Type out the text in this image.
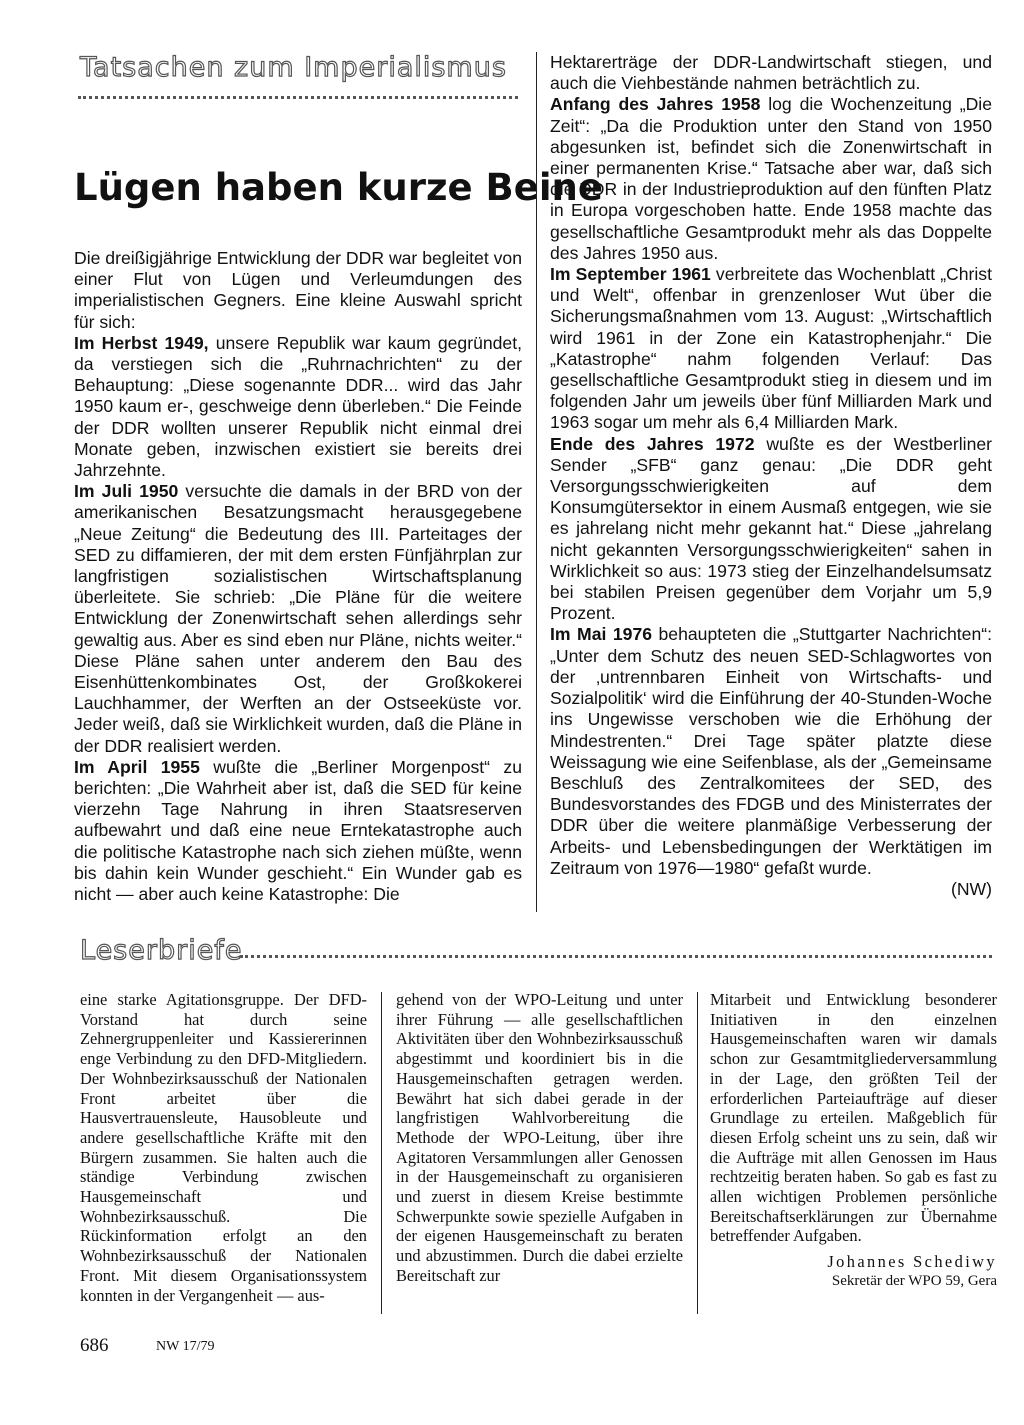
Tatsachen zum Imperialismus
Lügen haben kurze Beine

Die dreißigjährige Entwicklung der DDR war begleitet von einer Flut von Lügen und Verleumdungen des imperialistischen Gegners. Eine kleine Auswahl spricht für sich:

Im Herbst 1949, unsere Republik war kaum gegründet, da verstiegen sich die „Ruhrnachrichten“ zu der Behauptung: „Diese sogenannte DDR... wird das Jahr 1950 kaum er-, geschweige denn überleben.“ Die Feinde der DDR wollten unserer Republik nicht einmal drei Monate geben, inzwischen existiert sie bereits drei Jahrzehnte.

Im Juli 1950 versuchte die damals in der BRD von der amerikanischen Besatzungsmacht herausgegebene „Neue Zeitung“ die Bedeutung des III. Parteitages der SED zu diffamieren, der mit dem ersten Fünfjährplan zur langfristigen sozialistischen Wirtschaftsplanung überleitete. Sie schrieb: „Die Pläne für die weitere Entwicklung der Zonenwirtschaft sehen allerdings sehr gewaltig aus. Aber es sind eben nur Pläne, nichts weiter.“ Diese Pläne sahen unter anderem den Bau des Eisenhüttenkombinates Ost, der Großkokerei Lauchhammer, der Werften an der Ostseeküste vor. Jeder weiß, daß sie Wirklichkeit wurden, daß die Pläne in der DDR realisiert werden.

Im April 1955 wußte die „Berliner Morgenpost“ zu berichten: „Die Wahrheit aber ist, daß die SED für keine vierzehn Tage Nahrung in ihren Staatsreserven aufbewahrt und daß eine neue Erntekatastrophe auch die politische Katastrophe nach sich ziehen müßte, wenn bis dahin kein Wunder geschieht.“ Ein Wunder gab es nicht — aber auch keine Katastrophe: Die

Hektarerträge der DDR-Landwirtschaft stiegen, und auch die Viehbestände nahmen beträchtlich zu.

Anfang des Jahres 1958 log die Wochenzeitung „Die Zeit“: „Da die Produktion unter den Stand von 1950 abgesunken ist, befindet sich die Zonenwirtschaft in einer permanenten Krise.“ Tatsache aber war, daß sich die DDR in der Industrieproduktion auf den fünften Platz in Europa vorgeschoben hatte. Ende 1958 machte das gesellschaftliche Gesamtprodukt mehr als das Doppelte des Jahres 1950 aus.

Im September 1961 verbreitete das Wochenblatt „Christ und Welt“, offenbar in grenzenloser Wut über die Sicherungsmaßnahmen vom 13. August: „Wirtschaftlich wird 1961 in der Zone ein Katastrophenjahr.“ Die „Katastrophe“ nahm folgenden Verlauf: Das gesellschaftliche Gesamtprodukt stieg in diesem und im folgenden Jahr um jeweils über fünf Milliarden Mark und 1963 sogar um mehr als 6,4 Milliarden Mark.

Ende des Jahres 1972 wußte es der Westberliner Sender „SFB“ ganz genau: „Die DDR geht Versorgungsschwierigkeiten auf dem Konsumgütersektor in einem Ausmaß entgegen, wie sie es jahrelang nicht mehr gekannt hat.“ Diese „jahrelang nicht gekannten Versorgungsschwierigkeiten“ sahen in Wirklichkeit so aus: 1973 stieg der Einzelhandelsumsatz bei stabilen Preisen gegenüber dem Vorjahr um 5,9 Prozent.

Im Mai 1976 behaupteten die „Stuttgarter Nachrichten“: „Unter dem Schutz des neuen SED-Schlagwortes von der ‚untrennbaren Einheit von Wirtschafts- und Sozialpolitik‘ wird die Einführung der 40-Stunden-Woche ins Ungewisse verschoben wie die Erhöhung der Mindestrenten.“ Drei Tage später platzte diese Weissagung wie eine Seifenblase, als der „Gemeinsame Beschluß des Zentralkomitees der SED, des Bundesvorstandes des FDGB und des Ministerrates der DDR über die weitere planmäßige Verbesserung der Arbeits- und Lebensbedingungen der Werktätigen im Zeitraum von 1976—1980“ gefaßt wurde.

(NW)
Leserbriefe

eine starke Agitationsgruppe. Der DFD-Vorstand hat durch seine Zehnergruppenleiter und Kassiererinnen enge Verbindung zu den DFD-Mitgliedern. Der Wohnbezirksausschuß der Nationalen Front arbeitet über die Hausvertrauensleute, Hausobleute und andere gesellschaftliche Kräfte mit den Bürgern zusammen. Sie halten auch die ständige Verbindung zwischen Hausgemeinschaft und Wohnbezirksausschuß. Die Rückinformation erfolgt an den Wohnbezirksausschuß der Nationalen Front. Mit diesem Organisationssystem konnten in der Vergangenheit — aus-

gehend von der WPO-Leitung und unter ihrer Führung — alle gesellschaftlichen Aktivitäten über den Wohnbezirksausschuß abgestimmt und koordiniert bis in die Hausgemeinschaften getragen werden. Bewährt hat sich dabei gerade in der langfristigen Wahlvorbereitung die Methode der WPO-Leitung, über ihre Agitatoren Versammlungen aller Genossen in der Hausgemeinschaft zu organisieren und zuerst in diesem Kreise bestimmte Schwerpunkte sowie spezielle Aufgaben in der eigenen Hausgemeinschaft zu beraten und abzustimmen. Durch die dabei erzielte Bereitschaft zur

Mitarbeit und Entwicklung besonderer Initiativen in den einzelnen Hausgemeinschaften waren wir damals schon zur Gesamtmitgliederversammlung in der Lage, den größten Teil der erforderlichen Parteiaufträge auf dieser Grundlage zu erteilen. Maßgeblich für diesen Erfolg scheint uns zu sein, daß wir die Aufträge mit allen Genossen im Haus rechtzeitig beraten haben. So gab es fast zu allen wichtigen Problemen persönliche Bereitschaftserklärungen zur Übernahme betreffender Aufgaben.

Johannes Schediwy
Sekretär der WPO 59, Gera
686	NW 17/79
